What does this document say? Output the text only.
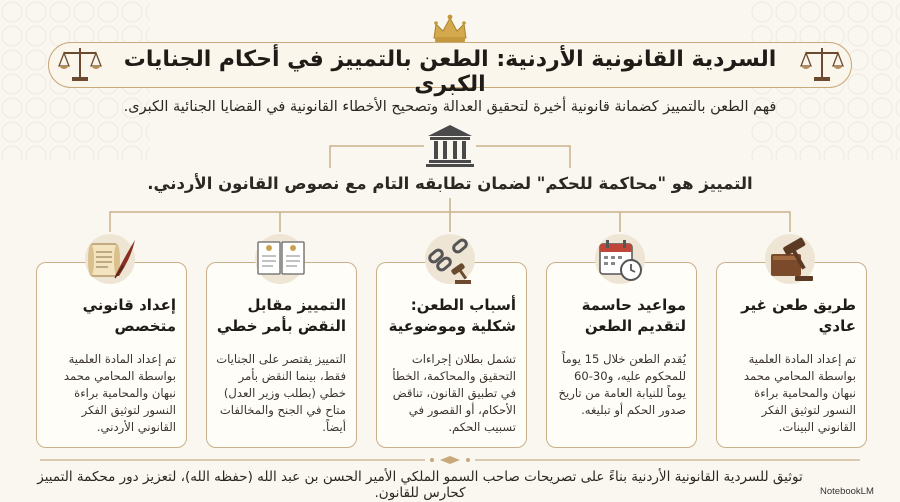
السردية القانونية الأردنية: الطعن بالتمييز في أحكام الجنايات الكبرى
فهم الطعن بالتمييز كضمانة قانونية أخيرة لتحقيق العدالة وتصحيح الأخطاء القانونية في القضايا الجنائية الكبرى.
التمييز هو "محاكمة للحكم" لضمان تطابقه التام مع نصوص القانون الأردني.
طريق طعن غير عادي
تم إعداد المادة العلمية بواسطة المحامي محمد نبهان والمحامية براءة النسور لتوثيق الفكر القانوني البينات.
مواعيد حاسمة لتقديم الطعن
يُقدم الطعن خلال 15 يوماً للمحكوم عليه، و30-60 يوماً للنيابة العامة من تاريخ صدور الحكم أو تبليغه.
أسباب الطعن: شكلية وموضوعية
تشمل بطلان إجراءات التحقيق والمحاكمة، الخطأ في تطبيق القانون، تناقض الأحكام، أو القصور في تسبيب الحكم.
التمييز مقابل النقض بأمر خطي
التمييز يقتصر على الجنايات فقط، بينما النقض بأمر خطي (بطلب وزير العدل) متاح في الجنح والمخالفات أيضاً.
إعداد قانوني متخصص
تم إعداد المادة العلمية بواسطة المحامي محمد نبهان والمحامية براءة النسور لتوثيق الفكر القانوني الأردني.
توثيق للسردية القانونية الأردنية بناءً على تصريحات صاحب السمو الملكي الأمير الحسن بن عبد الله (حفظه الله)، لتعزيز دور محكمة التمييز كحارس للقانون.	NotebookLM
